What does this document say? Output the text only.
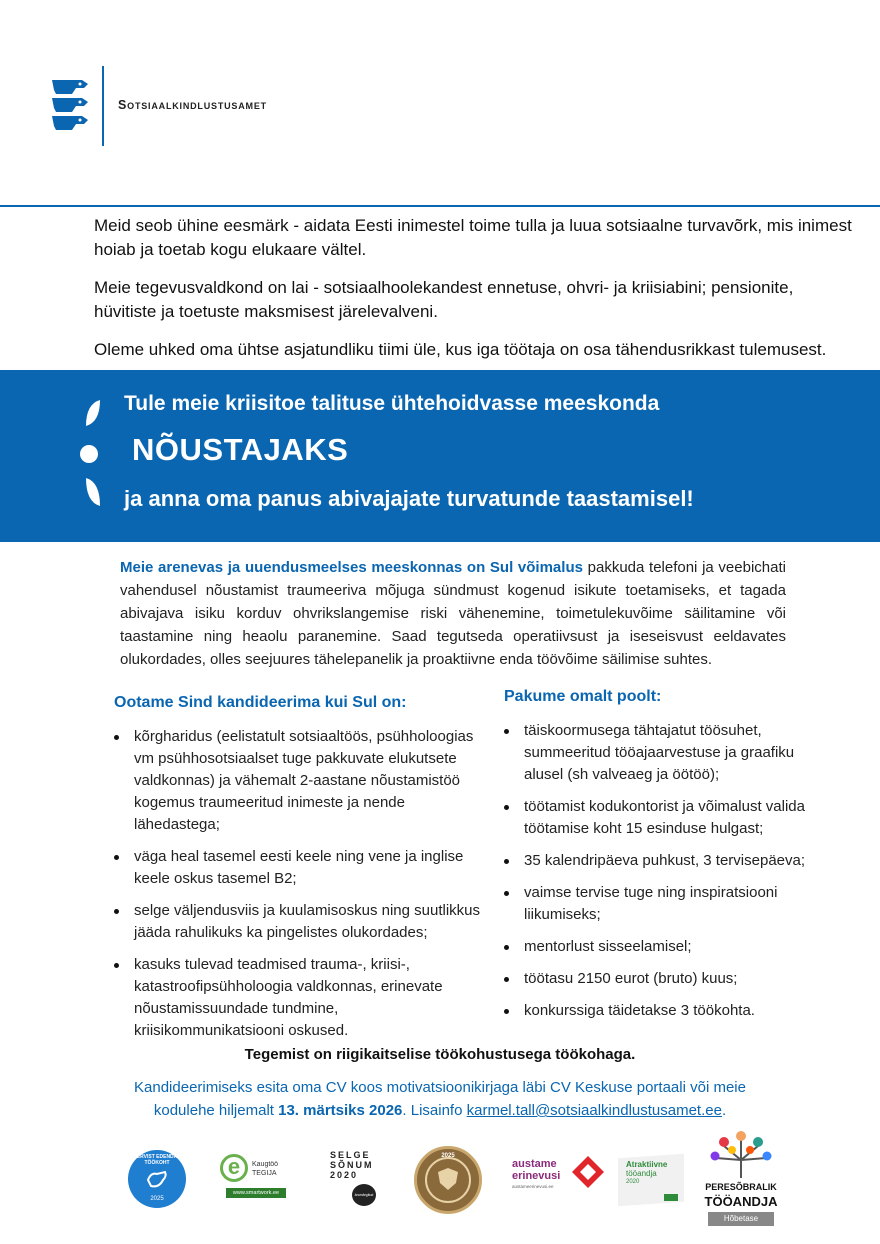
Sotsiaalkindlustusamet
Meid seob ühine eesmärk - aidata Eesti inimestel toime tulla ja luua sotsiaalne turvavõrk, mis inimest hoiab ja toetab kogu elukaare vältel.
Meie tegevusvaldkond on lai - sotsiaalhoolekandest ennetuse, ohvri- ja kriisiabini; pensionite, hüvitiste ja toetuste maksmisest järelevalveni.
Oleme uhked oma ühtse asjatundliku tiimi üle, kus iga töötaja on osa tähendusrikkast tulemusest.
Tule meie kriisitoe talituse ühtehoidvasse meeskonda
NÕUSTAJAKS
ja anna oma panus abivajajate turvatunde taastamisel!
Meie arenevas ja uuendusmeelses meeskonnas on Sul võimalus pakkuda telefoni ja veebichati vahendusel nõustamist traumeeriva mõjuga sündmust kogenud isikute toetamiseks, et tagada abivajava isiku korduv ohvrikslangemise riski vähenemine, toimetulekuvõime säilitamine või taastamine ning heaolu paranemine. Saad tegutseda operatiivsust ja iseseisvust eeldavates olukordades, olles seejuures tähelepanelik ja proaktiivne enda töövõime säilimise suhtes.
Ootame Sind kandideerima kui Sul on:
kõrgharidus (eelistatult sotsiaaltöös, psühholoogias vm psühhosotsiaalset tuge pakkuvate elukutsete valdkonnas) ja vähemalt 2-aastane nõustamistöö kogemus traumeeritud inimeste ja nende lähedastega;
väga heal tasemel eesti keele ning vene ja inglise keele oskus tasemel B2;
selge väljendusviis ja kuulamisoskus ning suutlikkus jääda rahulikuks ka pingelistes olukordades;
kasuks tulevad teadmised trauma-, kriisi-, katastroofipsühholoogia valdkonnas, erinevate nõustamissuundade tundmine, kriisikommunikatsiooni oskused.
Pakume omalt poolt:
täiskoormusega tähtajatut töösuhet, summeeritud tööajaarvestuse ja graafiku alusel (sh valveaeg ja öötöö);
töötamist kodukontorist ja võimalust valida töötamise koht 15 esinduse hulgast;
35 kalendripäeva puhkust, 3 tervisepäeva;
vaimse tervise tuge ning inspiratsiooni liikumiseks;
mentorlust sisseelamisel;
töötasu 2150 eurot (bruto) kuus;
konkurssiga täidetakse 3 töökohta.
Tegemist on riigikaitselise töökohustusega töökohaga.
Kandideerimiseks esita oma CV koos motivatsioonikirjaga läbi CV Keskuse portaali või meie kodulehe hiljemalt 13. märtsiks 2026. Lisainfo karmel.tall@sotsiaalkindlustusamet.ee.
TERVIST EDENDAV TÖÖKOHT
2025
e	Kaugtöö TEGIJA
www.smartwork.ee
SELGE
SÕNUM
2020
äramärgitud töö
2025
austame
erinevusi
austameerinevusi.ee
Atraktiivne
tööandja
2020	PERESÕBRALIK
TÖÖANDJA
Hõbetase
